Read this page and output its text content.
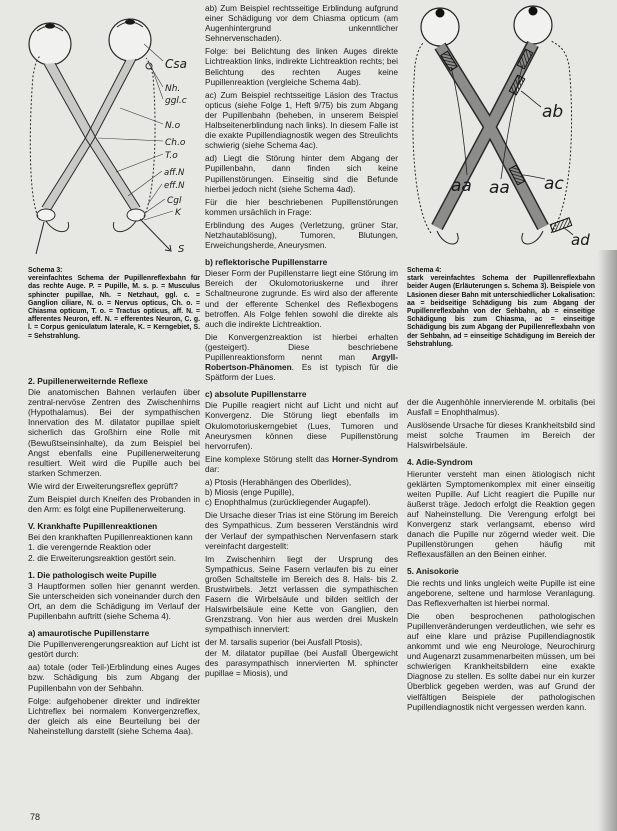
Csa
Nh.
ggl.c
N.o
Ch.o
T.o
aff.N
eff.N
Cgl
K
S
Schema 3:
vereinfachtes Schema der Pupillenreflexbahn für das rechte Auge. P. = Pupille, M. s. p. = Musculus sphincter pupillae, Nh. = Netzhaut, ggl. c. = Ganglion ciliare, N. o. = Nervus opticus, Ch. o. = Chiasma opticum, T. o. = Tractus opticus, aff. N. = afferentes Neuron, eff. N. = efferentes Neuron, C. g. l. = Corpus geniculatum laterale, K. = Kerngebiet, S. = Sehstrahlung.
ab
aa aa ac
ad
Schema 4:
stark vereinfachtes Schema der Pupillenreflexbahn beider Augen (Erläuterungen s. Schema 3). Beispiele von Läsionen dieser Bahn mit unterschiedlicher Lokalisation: aa = beidseitige Schädigung bis zum Abgang der Pupillenreflexbahn von der Sehbahn, ab = einseitige Schädigung bis zum Chiasma, ac = einseitige Schädigung bis zum Abgang der Pupillenreflexbahn von der Sehbahn, ad = einseitige Schädigung im Bereich der Sehstrahlung.

2. Pupillenerweiternde Reflexe

Die anatomischen Bahnen verlaufen über zentral-nervöse Zentren des Zwischenhirns (Hypothalamus). Bei der sympathischen Innervation des M. dilatator pupillae spielt sicherlich das Großhirn eine Rolle mit (Bewußtseinsinhalte), da zum Beispiel bei Angst ebenfalls eine Pupillenerweiterung resultiert. Weit wird die Pupille auch bei starken Schmerzen.

Wie wird der Erweiterungsreflex geprüft?

Zum Beispiel durch Kneifen des Probanden in den Arm: es folgt eine Pupillenerweiterung.

V. Krankhafte Pupillenreaktionen

Bei den krankhaften Pupillenreaktionen kann

1. die verengernde Reaktion oder

2. die Erweiterungsreaktion gestört sein.

1. Die pathologisch weite Pupille

3 Hauptformen sollen hier genannt werden. Sie unterscheiden sich voneinander durch den Ort, an dem die Schädigung im Verlauf der Pupillenbahn auftritt (siehe Schema 4).

a) amaurotische Pupillenstarre

Die Pupillenverengerungsreaktion auf Licht ist gestört durch:

aa) totale (oder Teil-)Erblindung eines Auges bzw. Schädigung bis zum Abgang der Pupillenbahn von der Sehbahn.

Folge: aufgehobener direkter und indirekter Lichtreflex bei normalem Konvergenzreflex, der gleich als eine Beurteilung bei der Naheinstellung darstellt (siehe Schema 4aa).

ab) Zum Beispiel rechtsseitige Erblindung aufgrund einer Schädigung vor dem Chiasma opticum (am Augenhintergrund unkenntlicher Sehnervenschaden).

Folge: bei Belichtung des linken Auges direkte Lichtreaktion links, indirekte Lichtreaktion rechts; bei Belichtung des rechten Auges keine Pupillenreaktion (vergleiche Schema 4ab).

ac) Zum Beispiel rechtsseitige Läsion des Tractus opticus (siehe Folge 1, Heft 9/75) bis zum Abgang der Pupillenbahn (beheben, in unserem Beispiel Halbseitenerblindung nach links). In diesem Falle ist die exakte Pupillendiagnostik wegen des Streulichts schwierig (siehe Schema 4ac).

ad) Liegt die Störung hinter dem Abgang der Pupillenbahn, dann finden sich keine Pupillenstörungen. Einseitig sind die Befunde hierbei jedoch nicht (siehe Schema 4ad).

Für die hier beschriebenen Pupillenstörungen kommen ursächlich in Frage:

Erblindung des Auges (Verletzung, grüner Star, Netzhautablösung), Tumoren, Blutungen, Erweichungsherde, Aneurysmen.

b) reflektorische Pupillenstarre

Dieser Form der Pupillenstarre liegt eine Störung im Bereich der Okulomotoriuskerne und ihrer Schaltneurone zugrunde. Es wird also der afferente und der efferente Schenkel des Reflexbogens betroffen. Als Folge fehlen sowohl die direkte als auch die indirekte Lichtreaktion.

Die Konvergenzreaktion ist hierbei erhalten (gesteigert). Diese beschriebene Pupillenreaktionsform nennt man Argyll-Robertson-Phänomen. Es ist typisch für die Spätform der Lues.

c) absolute Pupillenstarre

Die Pupille reagiert nicht auf Licht und nicht auf Konvergenz. Die Störung liegt ebenfalls im Okulomotoriuskerngebiet (Lues, Tumoren und Aneurysmen können diese Pupillenstörung hervorrufen).

Eine komplexe Störung stellt das Horner-Syndrom dar:

a) Ptosis (Herabhängen des Oberlides),

b) Miosis (enge Pupille),

c) Enophthalmus (zurückliegender Augapfel).

Die Ursache dieser Trias ist eine Störung im Bereich des Sympathicus. Zum besseren Verständnis wird der Verlauf der sympathischen Nervenfasern stark vereinfacht dargestellt:

Im Zwischenhirn liegt der Ursprung des Sympathicus. Seine Fasern verlaufen bis zu einer großen Schaltstelle im Bereich des 8. Hals- bis 2. Brustwirbels. Jetzt verlassen die sympathischen Fasern die Wirbelsäule und bilden seitlich der Halswirbelsäule eine Kette von Ganglien, den Grenzstrang. Von hier aus werden drei Muskeln sympathisch innerviert:

der M. tarsalis superior (bei Ausfall Ptosis),

der M. dilatator pupillae (bei Ausfall Übergewicht des parasympathisch innervierten M. sphincter pupillae = Miosis), und

der die Augenhöhle innervierende M. orbitalis (bei Ausfall = Enophthalmus).

Auslösende Ursache für dieses Krankheitsbild sind meist solche Traumen im Bereich der Halswirbelsäule.

4. Adie-Syndrom

Hierunter versteht man einen ätiologisch nicht geklärten Symptomenkomplex mit einer einseitig weiten Pupille. Auf Licht reagiert die Pupille nur äußerst träge. Jedoch erfolgt die Reaktion gegen auf Naheinstellung. Die Verengung erfolgt bei Konvergenz stark verlangsamt, ebenso wird danach die Pupille nur zögernd wieder weit. Die Pupillenstörungen gehen häufig mit Reflexausfällen an den Beinen einher.

5. Anisokorie

Die rechts und links ungleich weite Pupille ist eine angeborene, seltene und harmlose Veranlagung. Das Reflexverhalten ist hierbei normal.

Die oben besprochenen pathologischen Pupillenveränderungen verdeutlichen, wie sehr es auf eine klare und präzise Pupillendiagnostik ankommt und wie eng Neurologe, Neurochirurg und Augenarzt zusammenarbeiten müssen, um bei schwierigen Krankheitsbildern eine exakte Diagnose zu stellen. Es sollte dabei nur ein kurzer Überblick gegeben werden, was auf Grund der vielfältigen Beispiele der pathologischen Pupillendiagnostik nicht vergessen werden kann.

78
